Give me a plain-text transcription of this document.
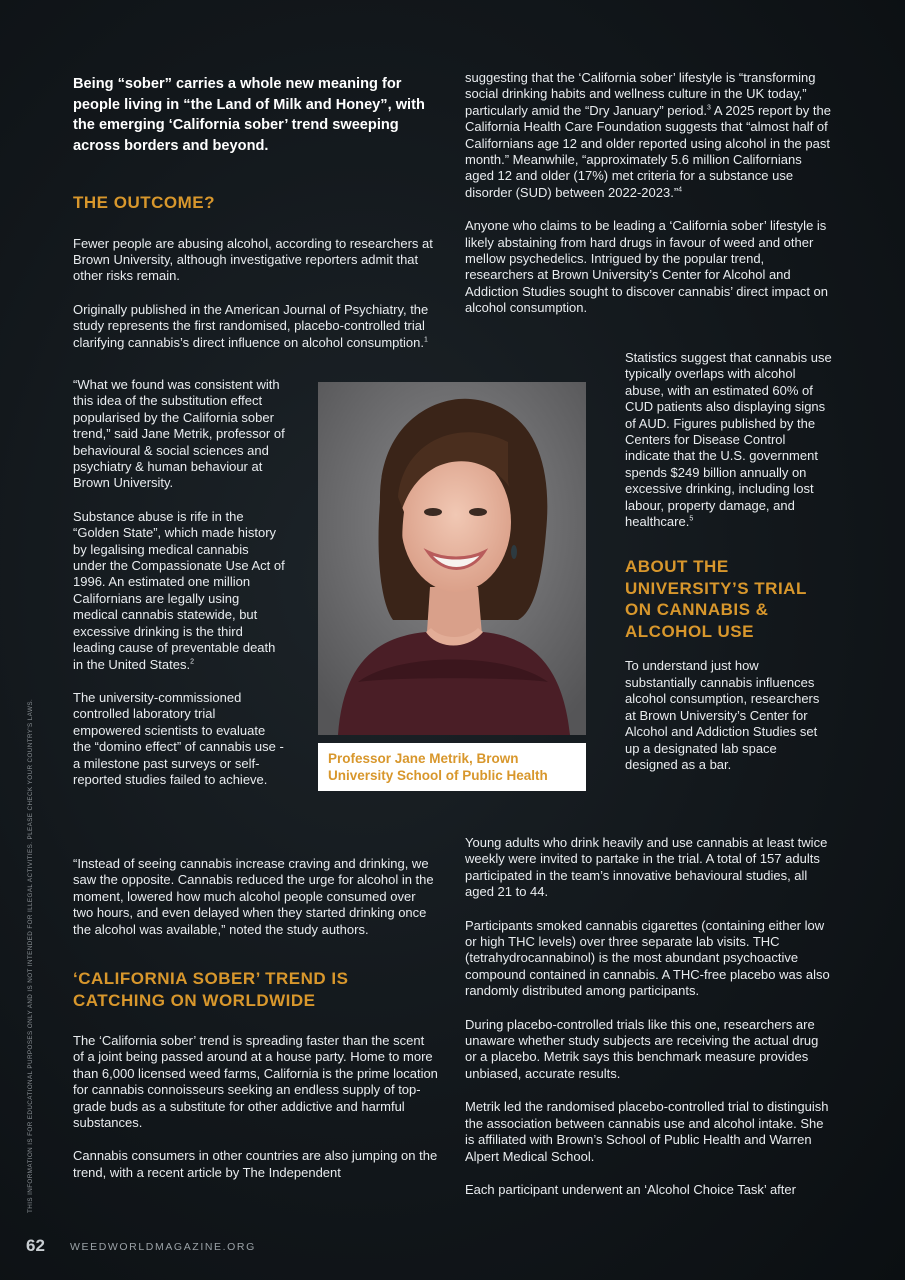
Being “sober” carries a whole new meaning for people living in “the Land of Milk and Honey”, with the emerging ‘California sober’ trend sweeping across borders and beyond.

THE OUTCOME?

Fewer people are abusing alcohol, according to researchers at Brown University, although investigative reporters admit that other risks remain.

Originally published in the American Journal of Psychiatry, the study represents the first randomised, placebo-controlled trial clarifying cannabis’s direct influence on alcohol consumption.$^1$

“What we found was consistent with this idea of the substitution effect popularised by the California sober trend,” said Jane Metrik, professor of behavioural & social sciences and psychiatry & human behaviour at Brown University.

Substance abuse is rife in the “Golden State”, which made history by legalising medical cannabis under the Compassionate Use Act of 1996. An estimated one million Californians are legally using medical cannabis statewide, but excessive drinking is the third leading cause of preventable death in the United States.$^2$

The university-commissioned controlled laboratory trial empowered scientists to evaluate the “domino effect” of cannabis use - a milestone past surveys or self-reported studies failed to achieve.

“Instead of seeing cannabis increase craving and drinking, we saw the opposite. Cannabis reduced the urge for alcohol in the moment, lowered how much alcohol people consumed over two hours, and even delayed when they started drinking once the alcohol was available,” noted the study authors.

‘CALIFORNIA SOBER’ TREND IS CATCHING ON WORLDWIDE

The ‘California sober’ trend is spreading faster than the scent of a joint being passed around at a house party. Home to more than 6,000 licensed weed farms, California is the prime location for cannabis connoisseurs seeking an endless supply of top-grade buds as a substitute for other addictive and harmful substances.

Cannabis consumers in other countries are also jumping on the trend, with a recent article by The Independent

suggesting that the ‘California sober’ lifestyle is “transforming social drinking habits and wellness culture in the UK today,” particularly amid the “Dry January” period.$^3$ A 2025 report by the California Health Care Foundation suggests that “almost half of Californians age 12 and older reported using alcohol in the past month.” Meanwhile, “approximately 5.6 million Californians aged 12 and older (17%) met criteria for a substance use disorder (SUD) between 2022-2023.”$^4$

Anyone who claims to be leading a ‘California sober’ lifestyle is likely abstaining from hard drugs in favour of weed and other mellow psychedelics. Intrigued by the popular trend, researchers at Brown University’s Center for Alcohol and Addiction Studies sought to discover cannabis’ direct impact on alcohol consumption.

Statistics suggest that cannabis use typically overlaps with alcohol abuse, with an estimated 60% of CUD patients also displaying signs of AUD. Figures published by the Centers for Disease Control indicate that the U.S. government spends $249 billion annually on excessive drinking, including lost labour, property damage, and healthcare.$^5$

ABOUT THE UNIVERSITY’S TRIAL ON CANNABIS & ALCOHOL USE

To understand just how substantially cannabis influences alcohol consumption, researchers at Brown University’s Center for Alcohol and Addiction Studies set up a designated lab space designed as a bar.

Young adults who drink heavily and use cannabis at least twice weekly were invited to partake in the trial. A total of 157 adults participated in the team’s innovative behavioural studies, all aged 21 to 44.

Participants smoked cannabis cigarettes (containing either low or high THC levels) over three separate lab visits. THC (tetrahydrocannabinol) is the most abundant psychoactive compound contained in cannabis. A THC-free placebo was also randomly distributed among participants.

During placebo-controlled trials like this one, researchers are unaware whether study subjects are receiving the actual drug or a placebo. Metrik says this benchmark measure provides unbiased, accurate results.

Metrik led the randomised placebo-controlled trial to distinguish the association between cannabis use and alcohol intake. She is affiliated with Brown’s School of Public Health and Warren Alpert Medical School.

Each participant underwent an ‘Alcohol Choice Task’ after

Professor Jane Metrik, Brown University School of Public Health
THIS INFORMATION IS FOR EDUCATIONAL PURPOSES ONLY AND IS NOT INTENDED FOR ILLEGAL ACTIVITIES. PLEASE CHECK YOUR COUNTRY'S LAWS.
62 WEEDWORLDMAGAZINE.ORG
